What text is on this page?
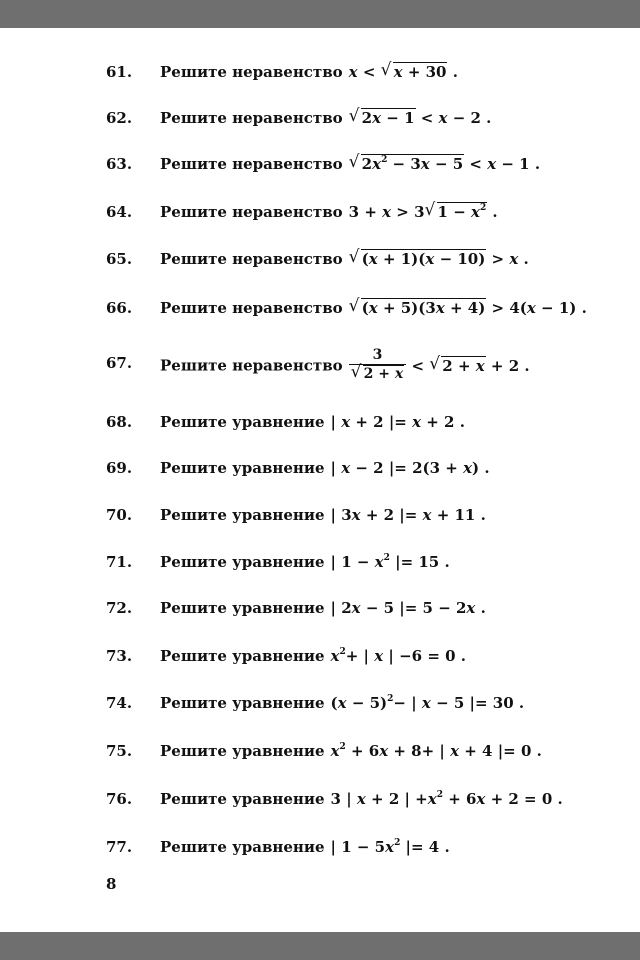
61. Решите неравенство x < √ x + 30 .
62. Решите неравенство √ 2x − 1 < x − 2 .
63. Решите неравенство √ $2x^2 - 3x - 5 < x - 1$ .
64. Решите неравенство 3 + x > 3 √ $1 - x^2$ .
65. Решите неравенство √ (x + 1)(x − 10) > x .
66. Решите неравенство √ (x + 5)(3x + 4) > 4(x − 1) .
67. Решите неравенство 3
√ 2 + x < √ 2 + x + 2 .
68. Решите уравнение | x + 2 |= x + 2 .
69. Решите уравнение | x − 2 |= 2(3 + x) .
70. Решите уравнение | 3x + 2 |= x + 11 .
71. Решите уравнение | $1 - x^2$ |= 15 .
72. Решите уравнение | 2x − 5 |= 5 − 2x .
73. Решите уравнение $x^2+$ | x | −6 = 0 .
74. Решите уравнение $(x - 5)^2-$ | x − 5 |= 30 .
75. Решите уравнение $x^2 + 6x + 8+$ | x + 4 |= 0 .
76. Решите уравнение 3 | x + 2 | $+x^2 + 6x + 2 = 0$ .
77. Решите уравнение | $1 - 5x^2$ |= 4 .
8
